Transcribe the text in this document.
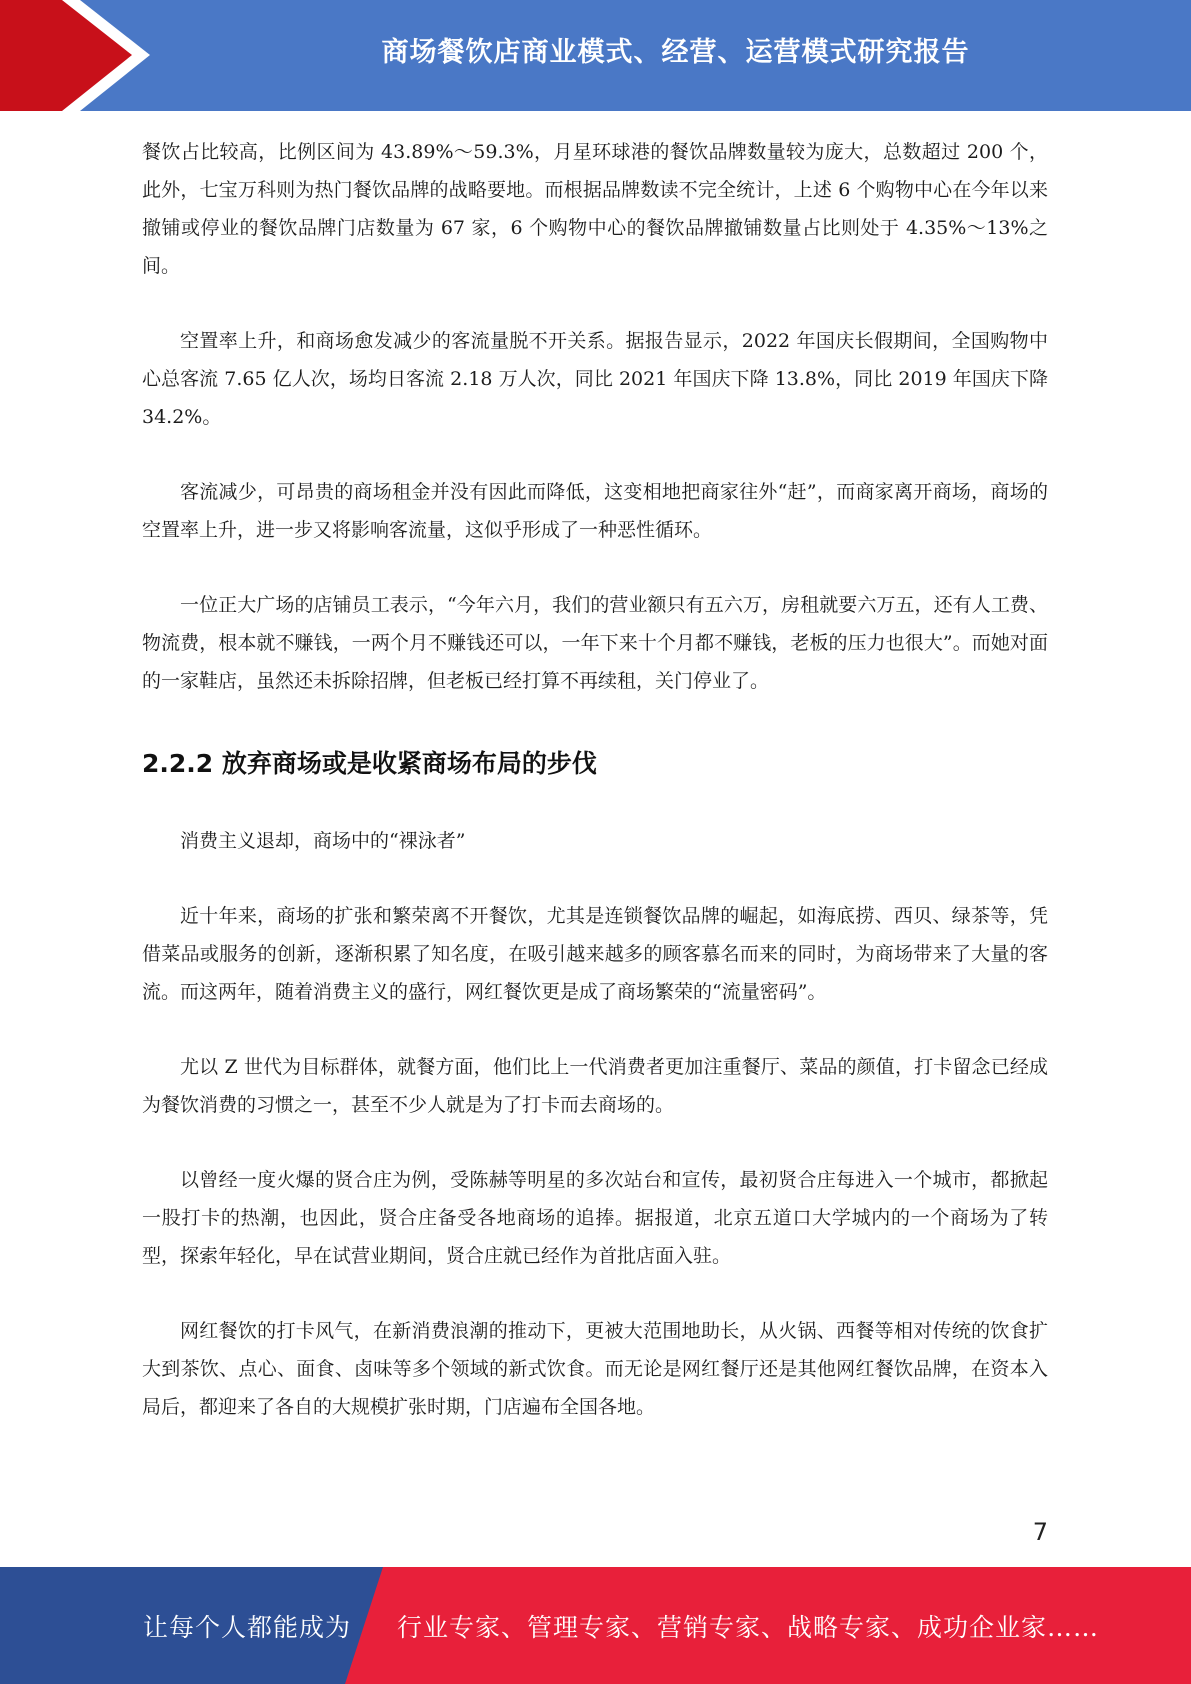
商场餐饮店商业模式、经营、运营模式研究报告

餐饮占比较高，比例区间为 43.89%～59.3%，月星环球港的餐饮品牌数量较为庞大，总数超过 200 个，此外，七宝万科则为热门餐饮品牌的战略要地。而根据品牌数读不完全统计，上述 6 个购物中心在今年以来撤铺或停业的餐饮品牌门店数量为 67 家，6 个购物中心的餐饮品牌撤铺数量占比则处于 4.35%～13%之间。

空置率上升，和商场愈发减少的客流量脱不开关系。据报告显示，2022 年国庆长假期间，全国购物中心总客流 7.65 亿人次，场均日客流 2.18 万人次，同比 2021 年国庆下降 13.8%，同比 2019 年国庆下降 34.2%。

客流减少，可昂贵的商场租金并没有因此而降低，这变相地把商家往外“赶”，而商家离开商场，商场的空置率上升，进一步又将影响客流量，这似乎形成了一种恶性循环。

一位正大广场的店铺员工表示，“今年六月，我们的营业额只有五六万，房租就要六万五，还有人工费、物流费，根本就不赚钱，一两个月不赚钱还可以，一年下来十个月都不赚钱，老板的压力也很大”。而她对面的一家鞋店，虽然还未拆除招牌，但老板已经打算不再续租，关门停业了。

2.2.2 放弃商场或是收紧商场布局的步伐

消费主义退却，商场中的“裸泳者”

近十年来，商场的扩张和繁荣离不开餐饮，尤其是连锁餐饮品牌的崛起，如海底捞、西贝、绿茶等，凭借菜品或服务的创新，逐渐积累了知名度，在吸引越来越多的顾客慕名而来的同时，为商场带来了大量的客流。而这两年，随着消费主义的盛行，网红餐饮更是成了商场繁荣的“流量密码”。

尤以 Z 世代为目标群体，就餐方面，他们比上一代消费者更加注重餐厅、菜品的颜值，打卡留念已经成为餐饮消费的习惯之一，甚至不少人就是为了打卡而去商场的。

以曾经一度火爆的贤合庄为例，受陈赫等明星的多次站台和宣传，最初贤合庄每进入一个城市，都掀起一股打卡的热潮，也因此，贤合庄备受各地商场的追捧。据报道，北京五道口大学城内的一个商场为了转型，探索年轻化，早在试营业期间，贤合庄就已经作为首批店面入驻。

网红餐饮的打卡风气，在新消费浪潮的推动下，更被大范围地助长，从火锅、西餐等相对传统的饮食扩大到茶饮、点心、面食、卤味等多个领域的新式饮食。而无论是网红餐厅还是其他网红餐饮品牌，在资本入局后，都迎来了各自的大规模扩张时期，门店遍布全国各地。

7
让每个人都能成为 行业专家、管理专家、营销专家、战略专家、成功企业家……
